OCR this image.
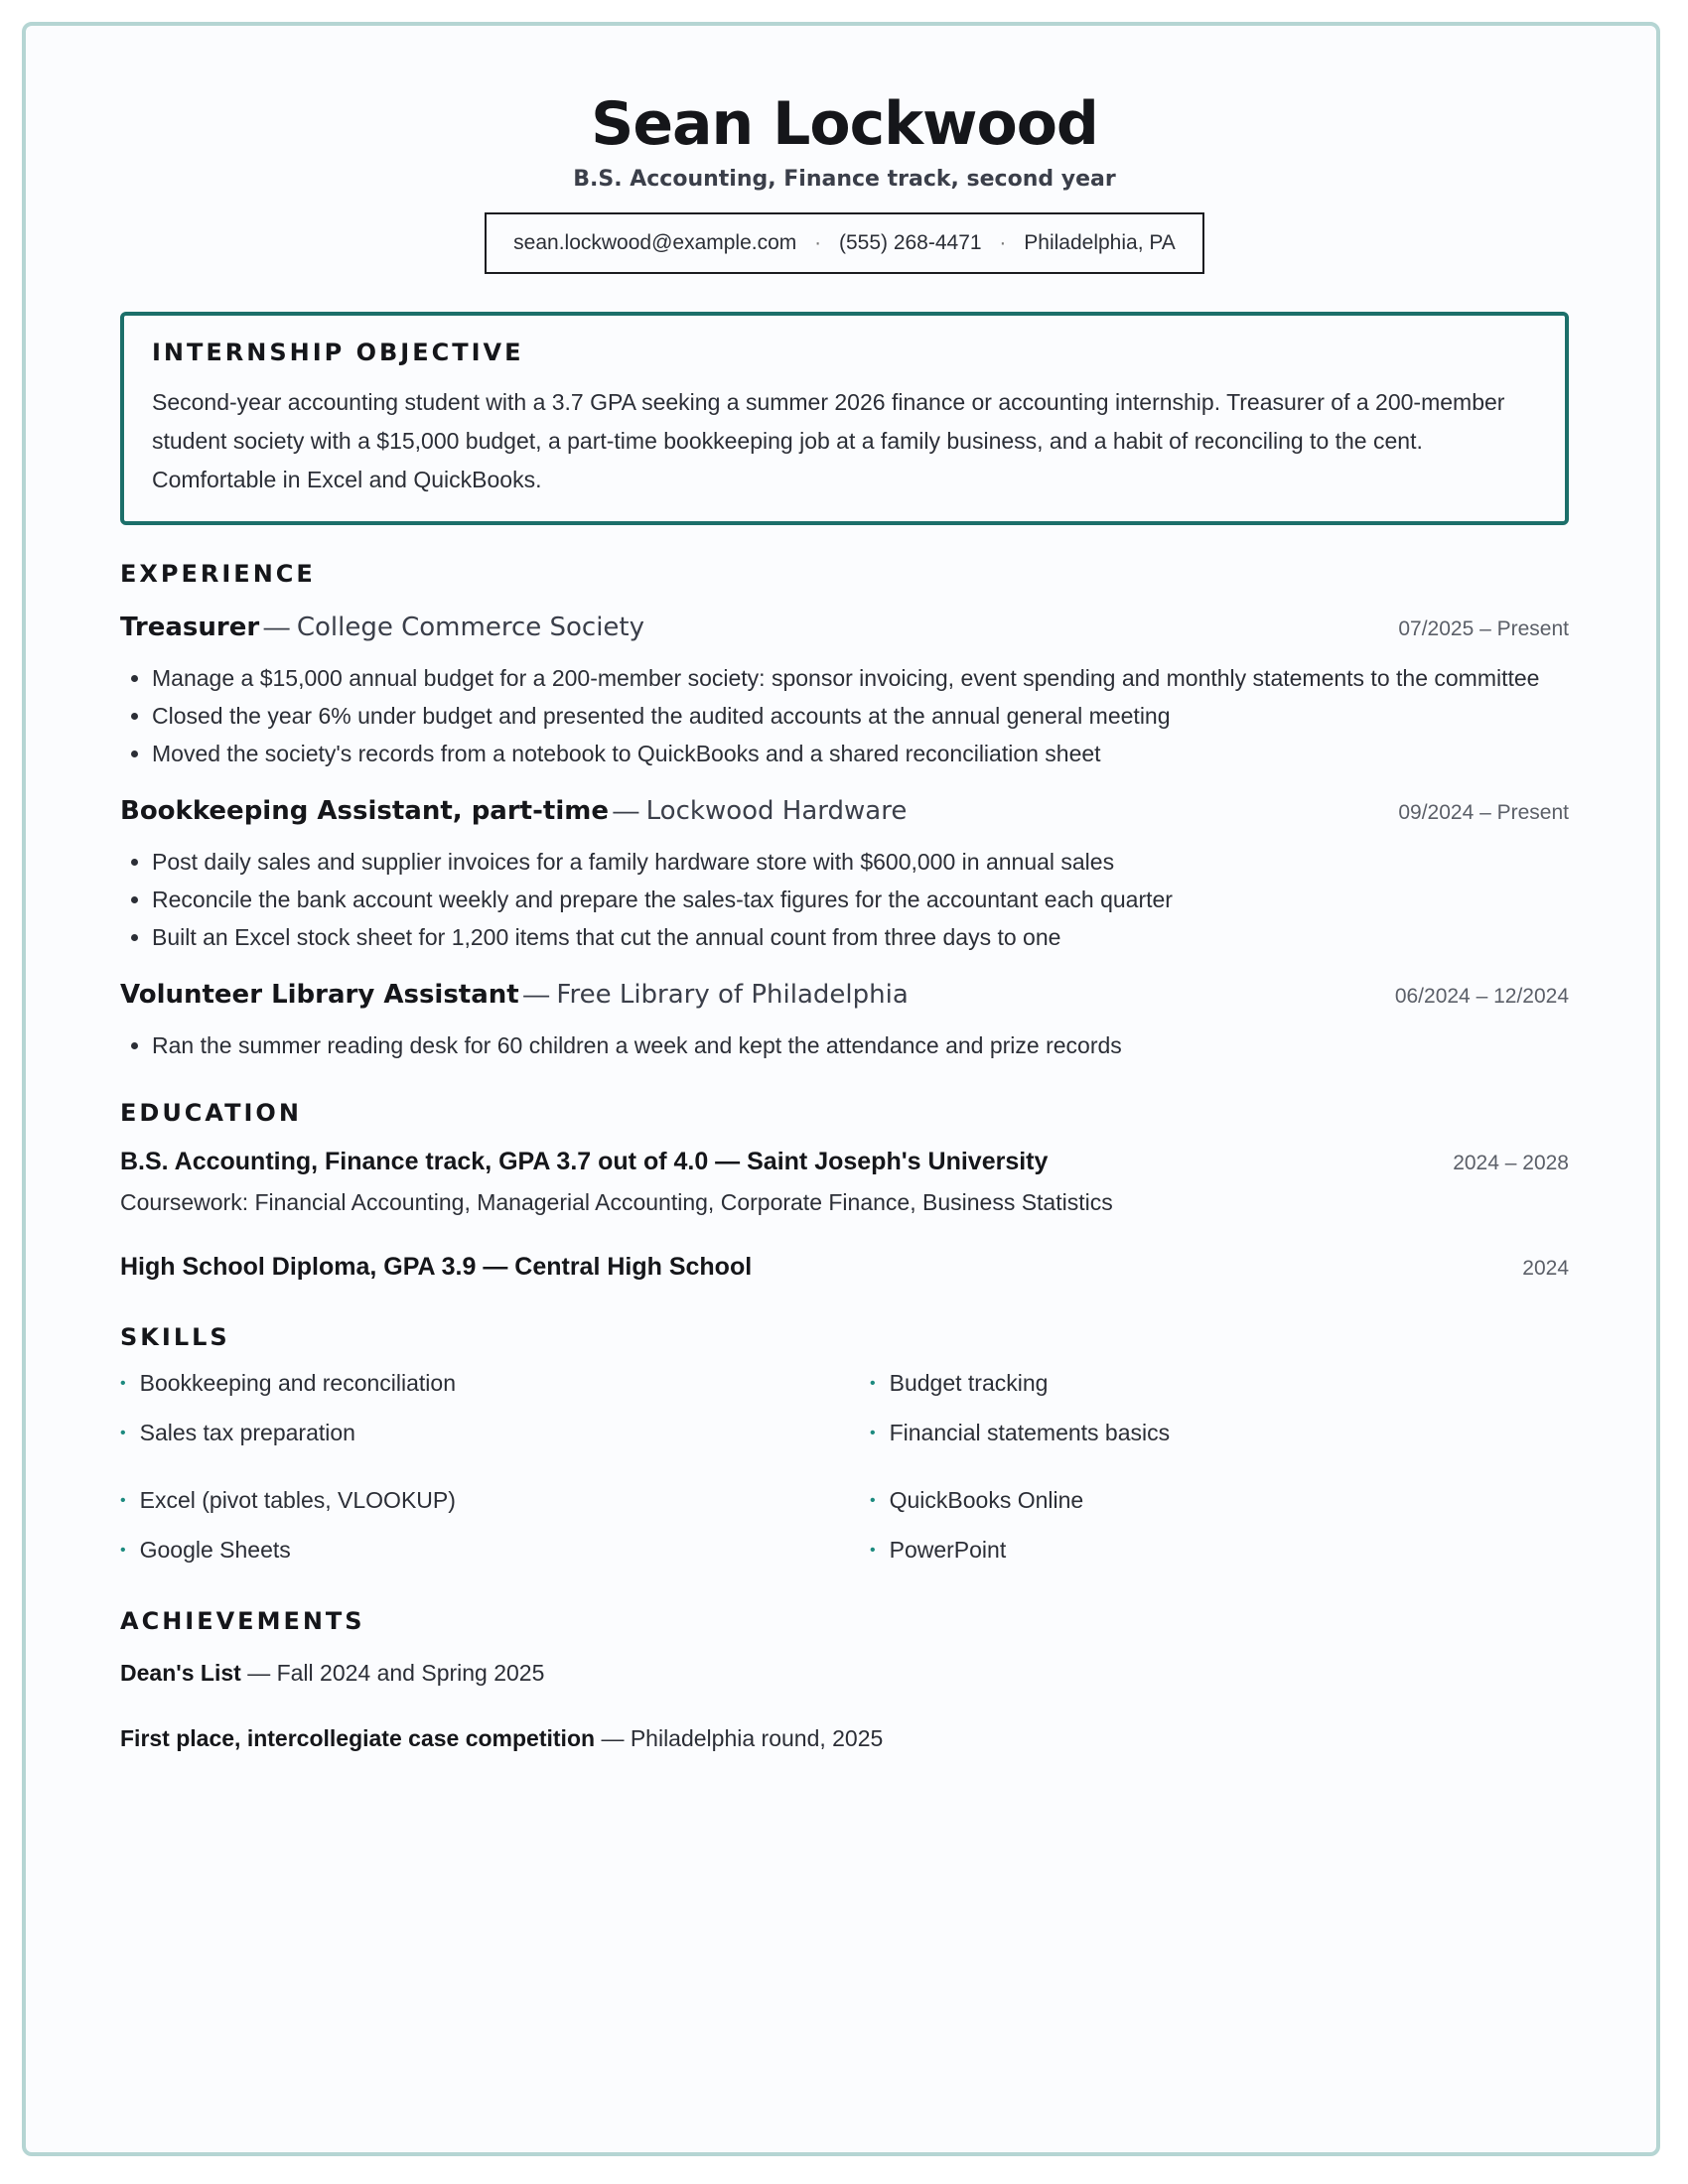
Sean Lockwood
B.S. Accounting, Finance track, second year
sean.lockwood@example.com · (555) 268-4471 · Philadelphia, PA
INTERNSHIP OBJECTIVE
Second-year accounting student with a 3.7 GPA seeking a summer 2026 finance or accounting internship. Treasurer of a 200-member student society with a $15,000 budget, a part-time bookkeeping job at a family business, and a habit of reconciling to the cent. Comfortable in Excel and QuickBooks.
EXPERIENCE
Treasurer — College Commerce Society	07/2025 – Present
• Manage a $15,000 annual budget for a 200-member society: sponsor invoicing, event spending and monthly statements to the committee
• Closed the year 6% under budget and presented the audited accounts at the annual general meeting
• Moved the society's records from a notebook to QuickBooks and a shared reconciliation sheet
Bookkeeping Assistant, part-time — Lockwood Hardware	09/2024 – Present
• Post daily sales and supplier invoices for a family hardware store with $600,000 in annual sales
• Reconcile the bank account weekly and prepare the sales-tax figures for the accountant each quarter
• Built an Excel stock sheet for 1,200 items that cut the annual count from three days to one
Volunteer Library Assistant — Free Library of Philadelphia	06/2024 – 12/2024
• Ran the summer reading desk for 60 children a week and kept the attendance and prize records
EDUCATION
B.S. Accounting, Finance track, GPA 3.7 out of 4.0 — Saint Joseph's University	2024 – 2028
Coursework: Financial Accounting, Managerial Accounting, Corporate Finance, Business Statistics
High School Diploma, GPA 3.9 — Central High School	2024
SKILLS
• Bookkeeping and reconciliation	• Budget tracking
• Sales tax preparation	• Financial statements basics
• Excel (pivot tables, VLOOKUP)	• QuickBooks Online
• Google Sheets	• PowerPoint
ACHIEVEMENTS
Dean's List — Fall 2024 and Spring 2025
First place, intercollegiate case competition — Philadelphia round, 2025
